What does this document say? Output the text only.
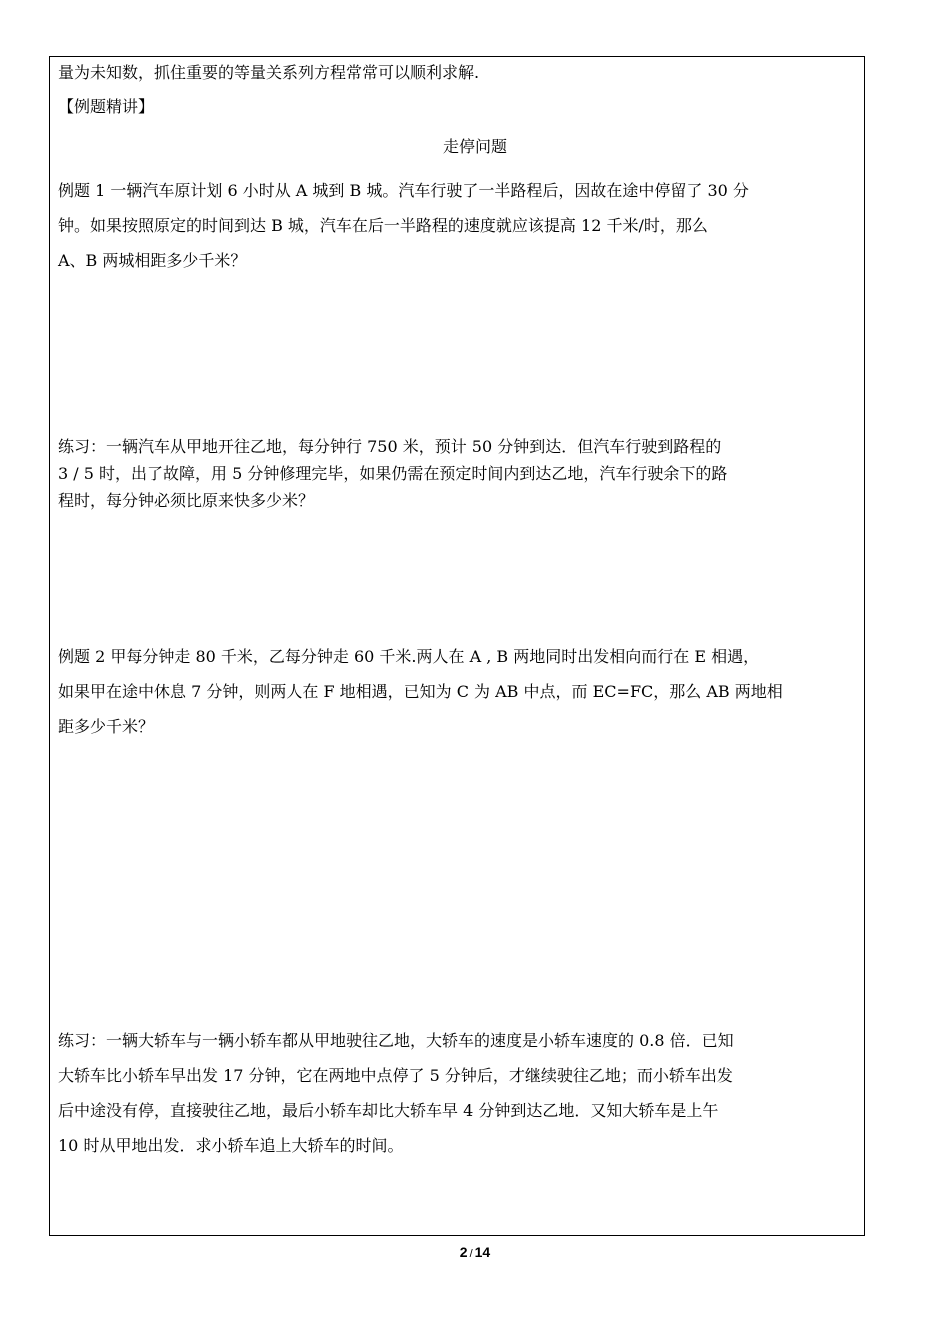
量为未知数，抓住重要的等量关系列方程常常可以顺利求解.
【例题精讲】
走停问题
例题 1 一辆汽车原计划 6 小时从 A 城到 B 城。汽车行驶了一半路程后，因故在途中停留了 30 分
钟。如果按照原定的时间到达 B 城，汽车在后一半路程的速度就应该提高 12 千米/时，那么
A、B 两城相距多少千米？
练习：一辆汽车从甲地开往乙地，每分钟行 750 米，预计 50 分钟到达．但汽车行驶到路程的
3 / 5 时，出了故障，用 5 分钟修理完毕，如果仍需在预定时间内到达乙地，汽车行驶余下的路
程时，每分钟必须比原来快多少米？
例题 2 甲每分钟走 80 千米，乙每分钟走 60 千米.两人在 A , B 两地同时出发相向而行在 E 相遇，
如果甲在途中休息 7 分钟，则两人在 F 地相遇，已知为 C 为 AB 中点，而 EC=FC，那么 AB 两地相
距多少千米？
练习：一辆大轿车与一辆小轿车都从甲地驶往乙地，大轿车的速度是小轿车速度的 0.8 倍．已知
大轿车比小轿车早出发 17 分钟，它在两地中点停了 5 分钟后，才继续驶往乙地；而小轿车出发
后中途没有停，直接驶往乙地，最后小轿车却比大轿车早 4 分钟到达乙地．又知大轿车是上午
10 时从甲地出发．求小轿车追上大轿车的时间。
2 / 14
